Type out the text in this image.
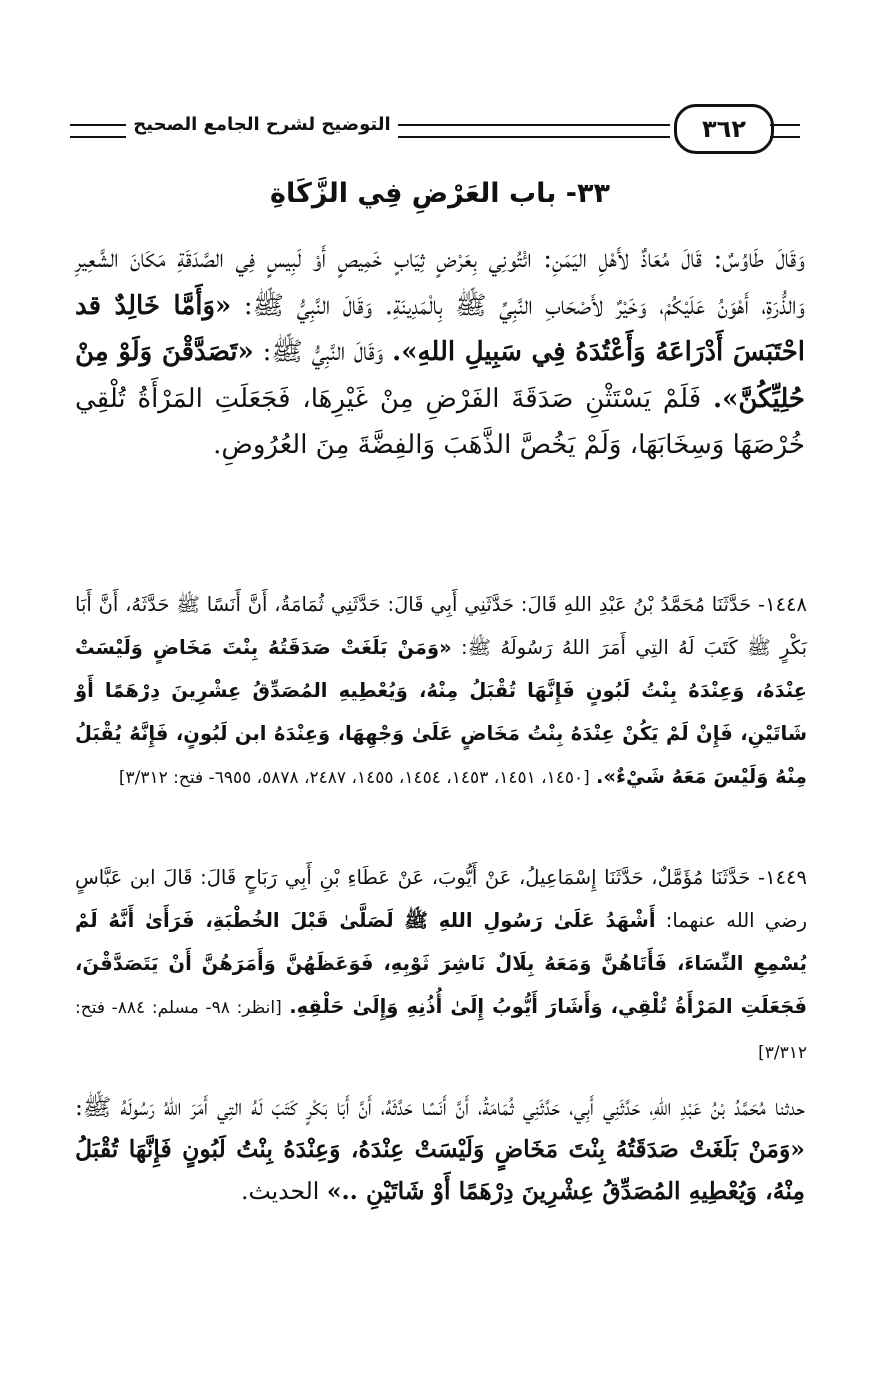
التوضيح لشرح الجامع الصحيح	٣٦٢
٣٣- باب العَرْضِ فِي الزَّكَاةِ
وَقَالَ طَاوُسٌ: قَالَ مُعَاذٌ لأَهْلِ اليَمَنِ: ائْتُونِي بِعَرْضٍ ثِيَابٍ خَمِيصٍ أَوْ لَبِيسٍ فِي الصَّدَقَةِ مَكَانَ الشَّعِيرِ وَالذُّرَةِ، أَهْوَنُ عَلَيْكُمْ، وَخَيْرٌ لأَصْحَابِ النَّبِيِّ ﷺ بِالْمَدِينَةِ. وَقَالَ النَّبِيُّ ﷺ: «وَأَمَّا خَالِدٌ قد احْتَبَسَ أَدْرَاعَهُ وَأَعْتُدَهُ فِي سَبِيلِ اللهِ». وَقَالَ النَّبِيُّ ﷺ: «تَصَدَّقْنَ وَلَوْ مِنْ حُلِيِّكُنَّ». فَلَمْ يَسْتَثْنِ صَدَقَةَ الفَرْضِ مِنْ غَيْرِهَا، فَجَعَلَتِ المَرْأَةُ تُلْقِي خُرْصَهَا وَسِخَابَهَا، وَلَمْ يَخُصَّ الذَّهَبَ وَالفِضَّةَ مِنَ العُرُوضِ.
١٤٤٨- حَدَّثَنَا مُحَمَّدُ بْنُ عَبْدِ اللهِ قَالَ: حَدَّثَنِي أَبِي قَالَ: حَدَّثَنِي ثُمَامَةُ، أَنَّ أَنَسًا ﷺ حَدَّثَهُ، أَنَّ أَبَا بَكْرٍ ﷺ كَتَبَ لَهُ التِي أَمَرَ اللهُ رَسُولَهُ ﷺ: «وَمَنْ بَلَغَتْ صَدَقَتُهُ بِنْتَ مَخَاضٍ وَلَيْسَتْ عِنْدَهُ، وَعِنْدَهُ بِنْتُ لَبُونٍ فَإِنَّهَا تُقْبَلُ مِنْهُ، وَيُعْطِيهِ المُصَدِّقُ عِشْرِينَ دِرْهَمًا أَوْ شَاتَيْنِ، فَإِنْ لَمْ يَكُنْ عِنْدَهُ بِنْتُ مَخَاضٍ عَلَىٰ وَجْهِهَا، وَعِنْدَهُ ابن لَبُونٍ، فَإِنَّهُ يُقْبَلُ مِنْهُ وَلَيْسَ مَعَهُ شَيْءٌ». [١٤٥٠، ١٤٥١، ١٤٥٣، ١٤٥٤، ١٤٥٥، ٢٤٨٧، ٥٨٧٨، ٦٩٥٥- فتح: ٣/٣١٢]
١٤٤٩- حَدَّثَنَا مُؤَمَّلٌ، حَدَّثَنَا إِسْمَاعِيلُ، عَنْ أَيُّوبَ، عَنْ عَطَاءِ بْنِ أَبِي رَبَاحٍ قَالَ: قَالَ ابن عَبَّاسٍ رضي الله عنهما: أَشْهَدُ عَلَىٰ رَسُولِ اللهِ ﷺ لَصَلَّىٰ قَبْلَ الخُطْبَةِ، فَرَأَىٰ أَنَّهُ لَمْ يُسْمِعِ النِّسَاءَ، فَأَتَاهُنَّ وَمَعَهُ بِلَالٌ نَاشِرَ ثَوْبِهِ، فَوَعَظَهُنَّ وَأَمَرَهُنَّ أَنْ يَتَصَدَّقْنَ، فَجَعَلَتِ المَرْأَةُ تُلْقِي، وَأَشَارَ أَيُّوبُ إِلَىٰ أُذُنِهِ وَإِلَىٰ حَلْقِهِ. [انظر: ٩٨- مسلم: ٨٨٤- فتح: ٣/٣١٢]
حدثنا مُحَمَّدُ بْنُ عَبْدِ اللهِ، حَدَّثَنِي أَبِي، حَدَّثَنِي ثُمَامَةُ، أَنَّ أَنَسًا حَدَّثَهُ، أَنَّ أَبَا بَكْرٍ كَتَبَ لَهُ التِي أَمَرَ اللهُ رَسُولَهُ ﷺ: «وَمَنْ بَلَغَتْ صَدَقَتُهُ بِنْتَ مَخَاضٍ وَلَيْسَتْ عِنْدَهُ، وَعِنْدَهُ بِنْتُ لَبُونٍ فَإِنَّهَا تُقْبَلُ مِنْهُ، وَيُعْطِيهِ المُصَدِّقُ عِشْرِينَ دِرْهَمًا أَوْ شَاتَيْنِ ..» الحديث.
